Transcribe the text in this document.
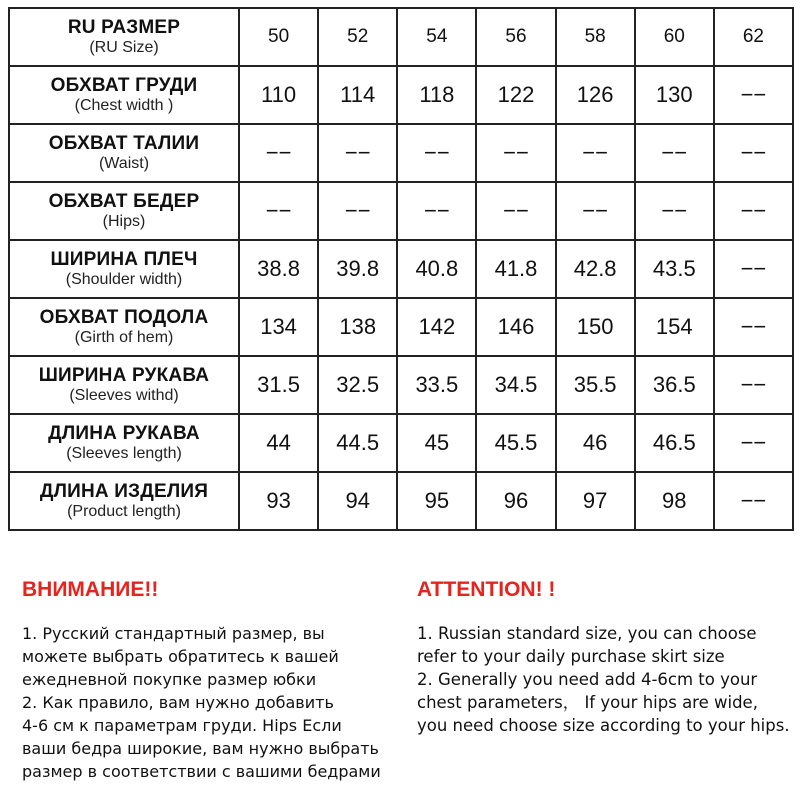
RU РАЗМЕР
(RU Size)	50	52	54	56	58	60	62

ОБХВАТ ГРУДИ
(Chest width )	110	114	118	122	126	130	−−

ОБХВАТ ТАЛИИ
(Waist)	−−	−−	−−	−−	−−	−−	−−

ОБХВАТ БЕДЕР
(Hips)	−−	−−	−−	−−	−−	−−	−−

ШИРИНА ПЛЕЧ
(Shoulder width)	38.8	39.8	40.8	41.8	42.8	43.5	−−

ОБХВАТ ПОДОЛА
(Girth of hem)	134	138	142	146	150	154	−−

ШИРИНА РУКАВА
(Sleeves withd)	31.5	32.5	33.5	34.5	35.5	36.5	−−

ДЛИНА РУКАВА
(Sleeves length)	44	44.5	45	45.5	46	46.5	−−

ДЛИНА ИЗДЕЛИЯ
(Product length)	93	94	95	96	97	98	−−
ВНИМАНИЕ!!

1. Русский стандартный размер, вы
можете выбрать обратитесь к вашей
ежедневной покупке размер юбки
2. Как правило, вам нужно добавить
4-6 см к параметрам груди. Hips Если
ваши бедра широкие, вам нужно выбрать
размер в соответствии с вашими бедрами

ATTENTION! !

1. Russian standard size, you can choose
refer to your daily purchase skirt size
2. Generally you need add 4-6cm to your
chest parameters， If your hips are wide,
you need choose size according to your hips.
